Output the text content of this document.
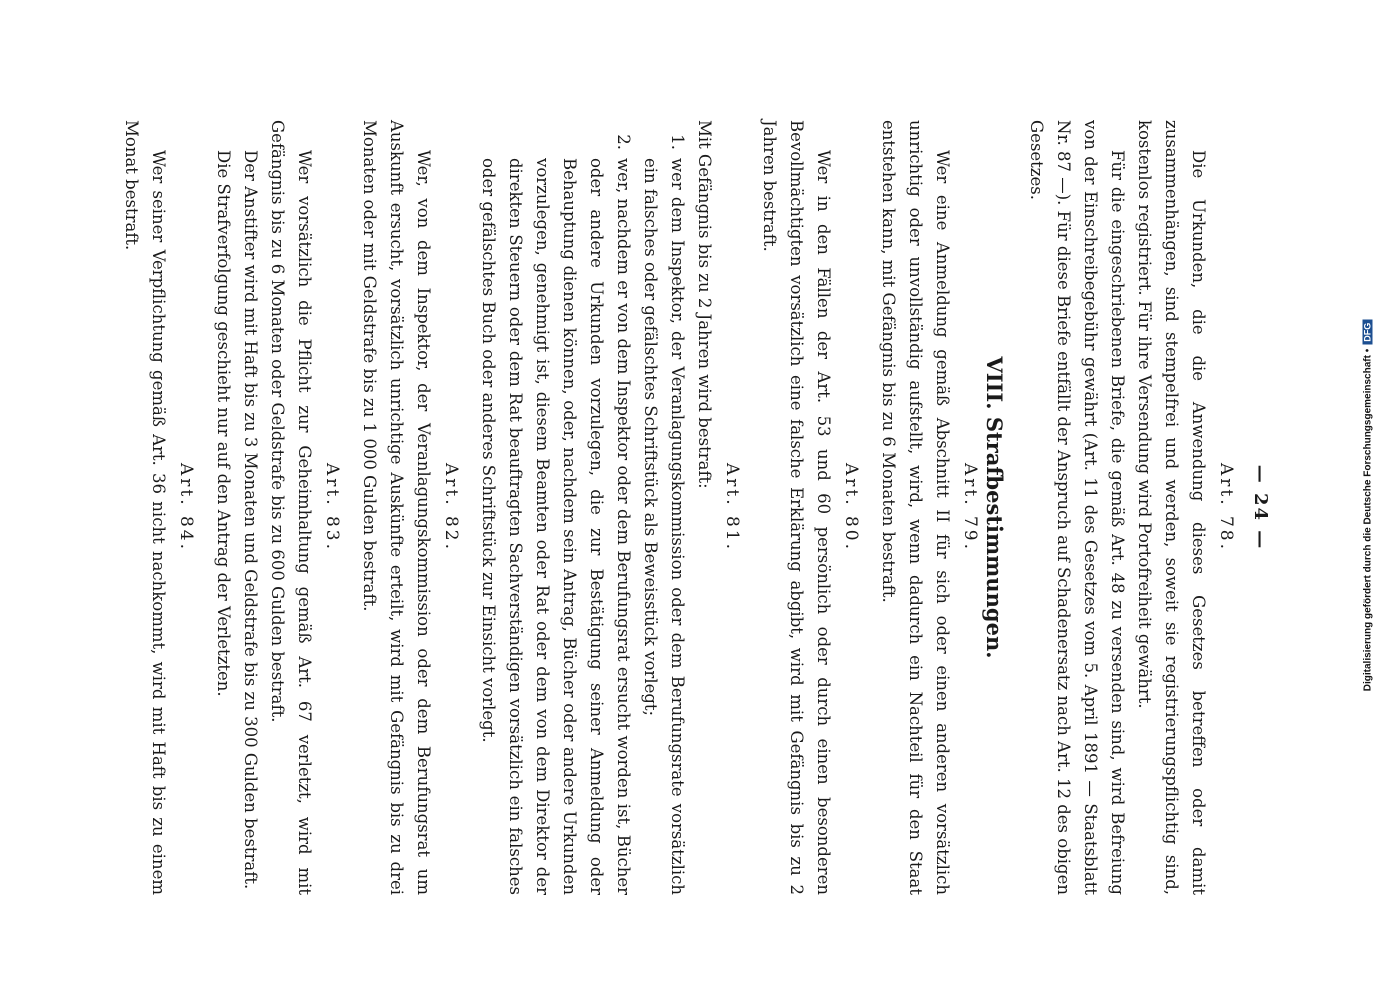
— 24 —
Art. 78.

Die Urkunden, die die Anwendung dieses Gesetzes betreffen oder damit zusammenhängen, sind stempelfrei und werden, soweit sie registrierungspflichtig sind, kostenlos registriert. Für ihre Versendung wird Portofreiheit gewährt.

Für die eingeschriebenen Briefe, die gemäß Art. 48 zu versenden sind, wird Befreiung von der Einschreibegebühr gewährt (Art. 11 des Gesetzes vom 5. April 1891 — Staatsblatt Nr. 87 —). Für diese Briefe entfällt der Anspruch auf Schadenersatz nach Art. 12 des obigen Gesetzes.

VIII. Strafbestimmungen.
Art. 79.

Wer eine Anmeldung gemäß Abschnitt II für sich oder einen anderen vorsätzlich unrichtig oder unvollständig aufstellt, wird, wenn dadurch ein Nachteil für den Staat entstehen kann, mit Gefängnis bis zu 6 Monaten bestraft.

Art. 80.

Wer in den Fällen der Art. 53 und 60 persönlich oder durch einen besonderen Bevollmächtigten vorsätzlich eine falsche Erklärung abgibt, wird mit Gefängnis bis zu 2 Jahren bestraft.

Art. 81.

Mit Gefängnis bis zu 2 Jahren wird bestraft:

1.
wer dem Inspektor, der Veranlagungskommission oder dem Berufungsrate vorsätzlich ein falsches oder gefälschtes Schriftstück als Beweisstück vorlegt;
2.
wer, nachdem er von dem Inspektor oder dem Berufungsrat ersucht worden ist, Bücher oder andere Urkunden vorzulegen, die zur Bestätigung seiner Anmeldung oder Behauptung dienen können, oder, nachdem sein Antrag, Bücher oder andere Urkunden vorzulegen, genehmigt ist, diesem Beamten oder Rat oder dem von dem Direktor der direkten Steuern oder dem Rat beauftragten Sachverständigen vorsätzlich ein falsches oder gefälschtes Buch oder anderes Schriftstück zur Einsicht vorlegt.
Art. 82.

Wer, von dem Inspektor, der Veranlagungskommission oder dem Berufungsrat um Auskunft ersucht, vorsätzlich unrichtige Auskünfte erteilt, wird mit Gefängnis bis zu drei Monaten oder mit Geldstrafe bis zu 1 000 Gulden bestraft.

Art. 83.

Wer vorsätzlich die Pflicht zur Geheimhaltung gemäß Art. 67 verletzt, wird mit Gefängnis bis zu 6 Monaten oder Geldstrafe bis zu 600 Gulden bestraft.

Der Anstifter wird mit Haft bis zu 3 Monaten und Geldstrafe bis zu 300 Gulden bestraft.

Die Strafverfolgung geschieht nur auf den Antrag der Verletzten.

Art. 84.

Wer seiner Verpflichtung gemäß Art. 36 nicht nachkommt, wird mit Haft bis zu einem Monat bestraft.

Digitalisierung gefördert durch die Deutsche Forschungsgemeinschaft •DFG
